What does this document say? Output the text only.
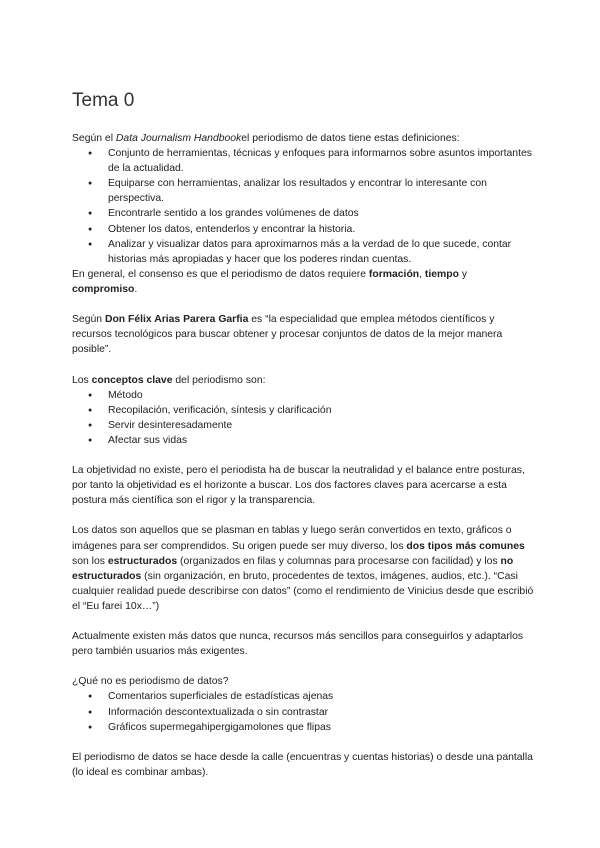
Tema 0

Según el Data Journalism Handbookel periodismo de datos tiene estas definiciones:

● Conjunto de herramientas, técnicas y enfoques para informarnos sobre asuntos importantes de la actualidad.
● Equiparse con herramientas, analizar los resultados y encontrar lo interesante con perspectiva.
● Encontrarle sentido a los grandes volúmenes de datos
● Obtener los datos, entenderlos y encontrar la historia.
● Analizar y visualizar datos para aproximarnos más a la verdad de lo que sucede, contar historias más apropiadas y hacer que los poderes rindan cuentas.

En general, el consenso es que el periodismo de datos requiere formación, tiempo y compromiso.

Según Don Félix Arias Parera Garfia es “la especialidad que emplea métodos científicos y recursos tecnológicos para buscar obtener y procesar conjuntos de datos de la mejor manera posible”.

Los conceptos clave del periodismo son:

● Método
● Recopilación, verificación, síntesis y clarificación
● Servir desinteresadamente
● Afectar sus vidas

La objetividad no existe, pero el periodista ha de buscar la neutralidad y el balance entre posturas, por tanto la objetividad es el horizonte a buscar. Los dos factores claves para acercarse a esta postura más científica son el rigor y la transparencia.

Los datos son aquellos que se plasman en tablas y luego serán convertidos en texto, gráficos o imágenes para ser comprendidos. Su origen puede ser muy diverso, los dos tipos más comunes son los estructurados (organizados en filas y columnas para procesarse con facilidad) y los no estructurados (sin organización, en bruto, procedentes de textos, imágenes, audios, etc.). “Casi cualquier realidad puede describirse con datos” (como el rendimiento de Vinicius desde que escribió el “Eu farei 10x…”)

Actualmente existen más datos que nunca, recursos más sencillos para conseguirlos y adaptarlos pero también usuarios más exigentes.

¿Qué no es periodismo de datos?

● Comentarios superficiales de estadísticas ajenas
● Información descontextualizada o sin contrastar
● Gráficos supermegahipergigamolones que flipas

El periodismo de datos se hace desde la calle (encuentras y cuentas historias) o desde una pantalla (lo ideal es combinar ambas).
